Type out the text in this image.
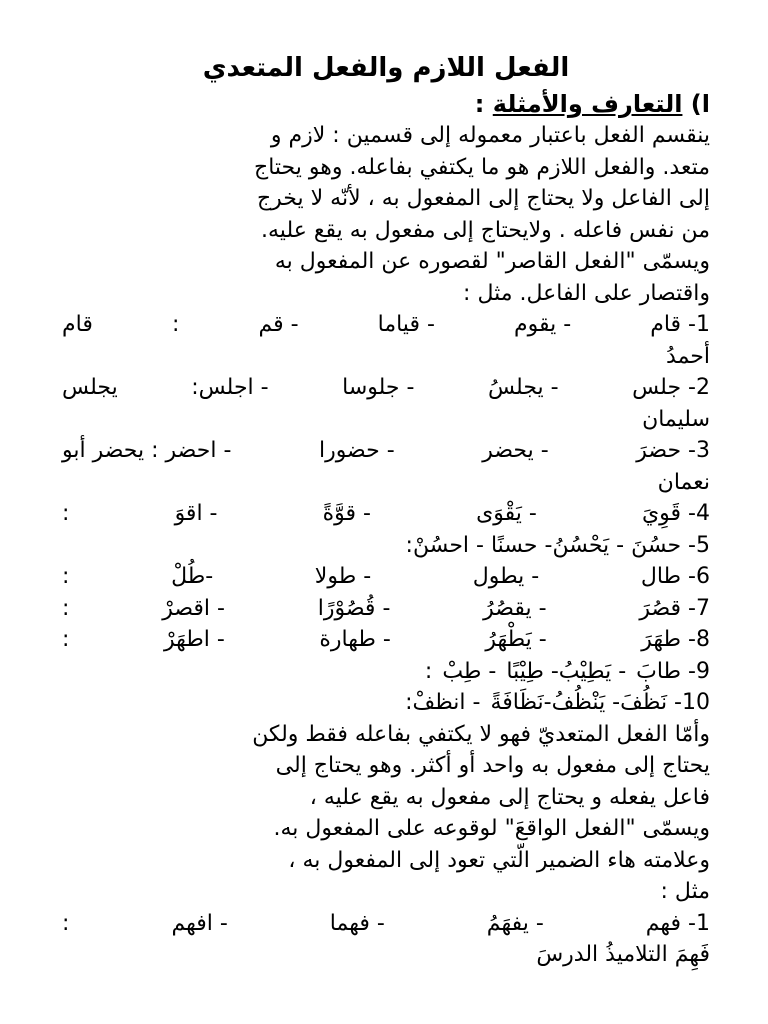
الفعل اللازم والفعل المتعدي
ا) التعارف والأمثلة :

ينقسم الفعل باعتبار معموله إلى قسمين : لازم و

متعد. والفعل اللازم هو ما يكتفي بفاعله. وهو يحتاج

إلى الفاعل ولا يحتاج إلى المفعول به ، لأنّه لا يخرج

من نفس فاعله . ولايحتاج إلى مفعول به يقع عليه.

ويسمّى "الفعل القاصر" لقصوره عن المفعول به

واقتصار على الفاعل. مثل :

1- قام
- يقوم
- قياما
- قم
:
قام
أحمدُ
2- جلس
- يجلسُ
- جلوسا
- اجلس:
يجلس
سليمان
3- حضرَ
- يحضر
- حضورا
- احضر : يحضر أبو
نعمان
4- قَوِيَ
- يَقْوَى
- قوَّةً
- اقوَ
:
5- حسُنَ - يَحْسُنُ- حسنًا - احسُنْ:
6- طال
- يطول
- طولا
-طُلْ
:
7- قصُرَ
- يقصُرُ
- قُصُوْرًا
- اقصرْ
:
8- طهَرَ
- يَطْهَرُ
- طهارة
- اطهَرْ
:
9- طابَ
- يَطِيْبُ- طِيْبًا
- طِبْ
:
10- نَظُفَ- يَنْظُفُ-نَظَافَةً
- انظفْ:

وأمّا الفعل المتعديّ فهو لا يكتفي بفاعله فقط ولكن

يحتاج إلى مفعول به واحد أو أكثر. وهو يحتاج إلى

فاعل يفعله و يحتاج إلى مفعول به يقع عليه ،

ويسمّى "الفعل الواقعَ" لوقوعه على المفعول به.

وعلامته هاء الضمير الّتي تعود إلى المفعول به ،

مثل :

1- فهم
- يفهَمُ
- فهما
- افهم
:
فَهِمَ التلاميذُ الدرسَ
